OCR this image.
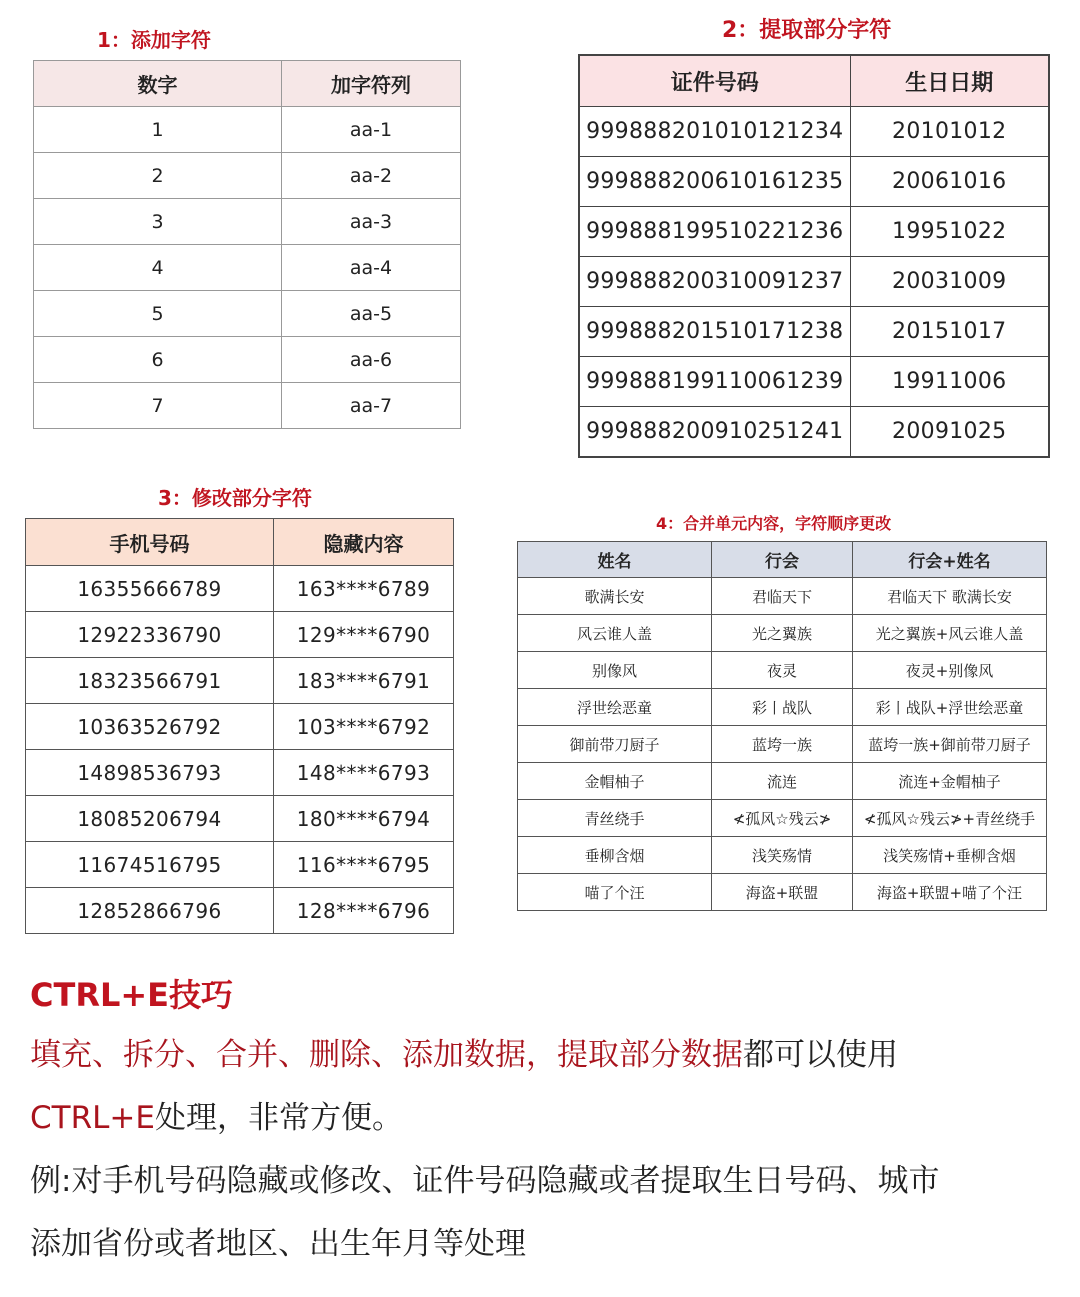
1：添加字符
数字	加字符列
1	aa-1
2	aa-2
3	aa-3
4	aa-4
5	aa-5
6	aa-6
7	aa-7
2：提取部分字符
证件号码	生日日期
999888201010121234	20101012
999888200610161235	20061016
999888199510221236	19951022
999888200310091237	20031009
999888201510171238	20151017
999888199110061239	19911006
999888200910251241	20091025
3：修改部分字符
手机号码	隐藏内容
16355666789	163****6789
12922336790	129****6790
18323566791	183****6791
10363526792	103****6792
14898536793	148****6793
18085206794	180****6794
11674516795	116****6795
12852866796	128****6796
4：合并单元内容，字符顺序更改
姓名	行会	行会+姓名
歌满长安	君临天下	君临天下 歌满长安
风云谁人盖	光之翼族	光之翼族+风云谁人盖
别像风	夜灵	夜灵+别像风
浮世绘恶童	彩丨战队	彩丨战队+浮世绘恶童
御前带刀厨子	蓝垮一族	蓝垮一族+御前带刀厨子
金帽柚子	流连	流连+金帽柚子
青丝绕手	≮孤风☆残云≯	≮孤风☆残云≯+青丝绕手
垂柳含烟	浅笑殇情	浅笑殇情+垂柳含烟
喵了个汪	海盗+联盟	海盗+联盟+喵了个汪
CTRL+E技巧
填充、拆分、合并、删除、添加数据，提取部分数据都可以使用
CTRL+E处理，非常方便。
例:对手机号码隐藏或修改、证件号码隐藏或者提取生日号码、城市
添加省份或者地区、出生年月等处理
